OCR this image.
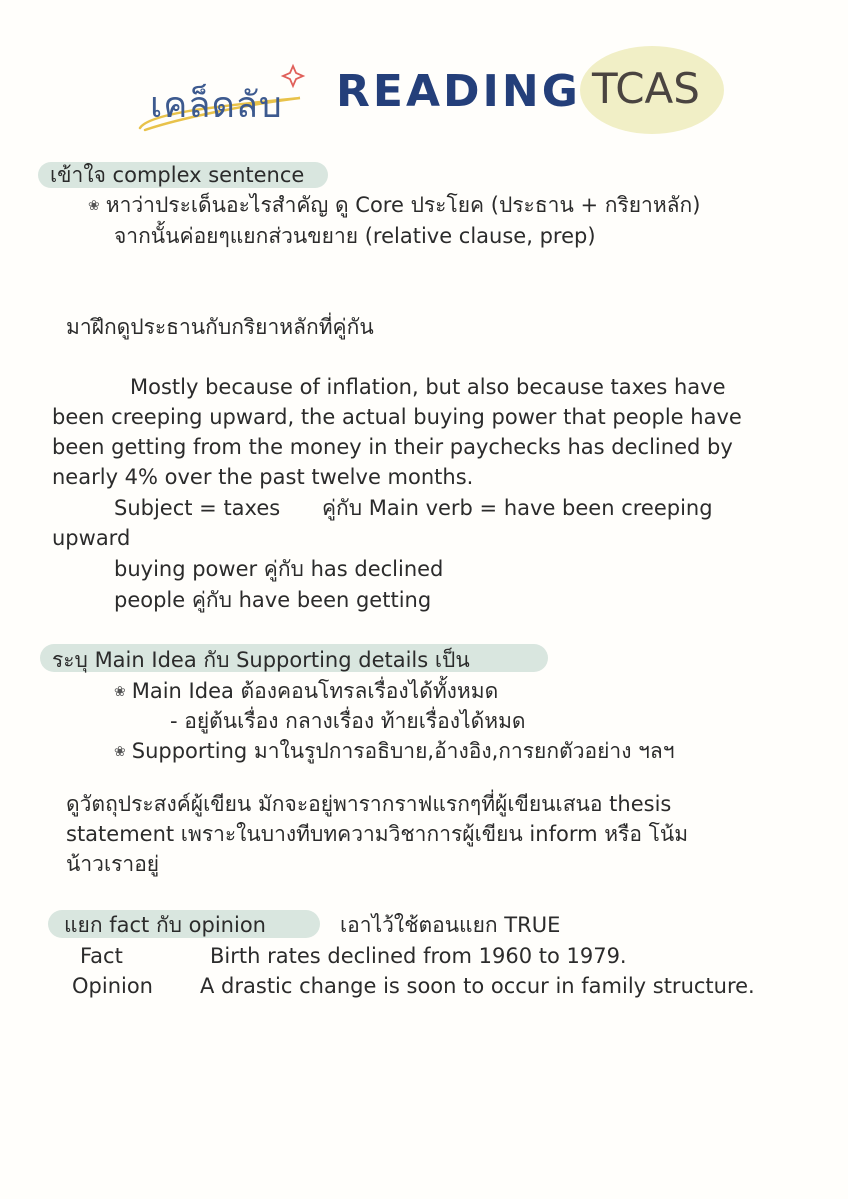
เคล็ดลับ READING TCAS
เข้าใจ complex sentence
❀ หาว่าประเด็นอะไรสำคัญ ดู Core ประโยค (ประธาน + กริยาหลัก)
จากนั้นค่อยๆแยกส่วนขยาย (relative clause, prep)
มาฝึกดูประธานกับกริยาหลักที่คู่กัน
Mostly because of inflation, but also because taxes have
been creeping upward, the actual buying power that people have
been getting from the money in their paychecks has declined by
nearly 4% over the past twelve months.
Subject = taxes คู่กับ Main verb = have been creeping
upward
buying power คู่กับ has declined
people คู่กับ have been getting
ระบุ Main Idea กับ Supporting details เป็น
❀ Main Idea ต้องคอนโทรลเรื่องได้ทั้งหมด
- อยู่ต้นเรื่อง กลางเรื่อง ท้ายเรื่องได้หมด
❀ Supporting มาในรูปการอธิบาย,อ้างอิง,การยกตัวอย่าง ฯลฯ
ดูวัตถุประสงค์ผู้เขียน มักจะอยู่พารากราฟแรกๆที่ผู้เขียนเสนอ thesis
statement เพราะในบางทีบทความวิชาการผู้เขียน inform หรือ โน้ม
น้าวเราอยู่
แยก fact กับ opinion	เอาไว้ใช้ตอนแยก TRUE
Fact	Birth rates declined from 1960 to 1979.
Opinion A drastic change is soon to occur in family structure.
